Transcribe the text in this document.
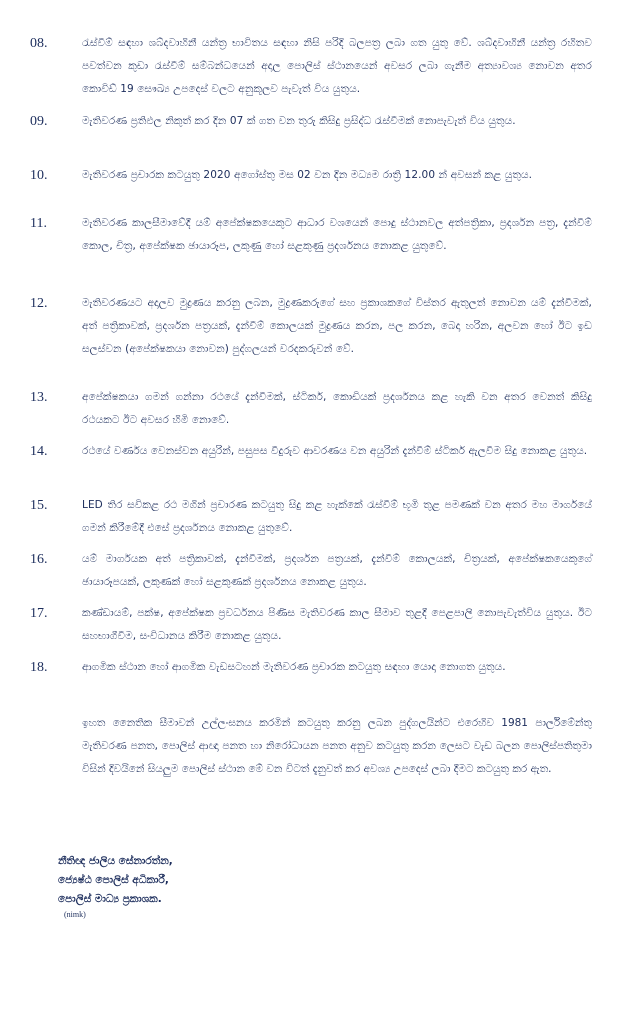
08.	රැස්වීම් සඳහා ශබ්දවාහිනී යන්ත්‍ර භාවිතය සඳහා නිසි පරිදි බලපත්‍ර ලබා ගත යුතු වේ. ශබ්දවාහිනී යන්ත්‍ර රහිතව පවත්වන කුඩා රැස්වීම් සම්බන්ධයෙන් අදාල පොලිස් ස්ථානයෙන් අවසර ලබා ගැනීම අත්‍යාවශ්‍ය නොවන අතර කොවිඩ් 19 සෞඛ්‍ය උපදෙස් වලට අනුකූලව පැවැත් විය යුතුය.
09.	මැතිවරණ ප්‍රතිඵල නිකුත් කර දින 07 ක් ගත වන තුරු කිසිදු ප්‍රසිද්ධ රැස්වීමක් නොපැවැත් විය යුතුය.
10.	මැතිවරණ ප්‍රචාරක කටයුතු 2020 අගෝස්තු මස 02 වන දින මධ්‍යම රාත්‍රි 12.00 න් අවසන් කළ යුතුය.
11.	මැතිවරණ කාලසීමාවේදී යම් අපේක්ෂකයෙකුට ආධාර වශයෙන් පොදු ස්ථානවල අත්පත්‍රිකා, ප්‍රදර්ශන පත්‍ර, දැන්වීම් කොල, චිත්‍ර, අපේක්ෂක ඡායාරූප, ලකුණු හෝ සළකුණු ප්‍රදර්ශනය නොකළ යුතුවේ.
12.	මැතිවරණයට අදාලව මුද්‍රණය කරනු ලබන, මුද්‍රණකරුගේ සහ ප්‍රකාශකගේ විස්තර ඇතුලත් නොවන යම් දැන්වීමක්, අත් පත්‍රිකාවක්, ප්‍රදර්ශන පත්‍රයක්, දැන්වීම් කොලයක් මුද්‍රණය කරන, පල කරන, බෙදා හරින, අලවන හෝ ඊට ඉඩ සලස්වන (අපේක්ෂකයා නොවන) පුද්ගලයන් වරදකරුවන් වේ.
13.	අපේක්ෂකයා ගමන් ගන්නා රථයේ දැන්වීමක්, ස්ටිකර්, කොඩියක් ප්‍රදර්ශනය කළ හැකි වන අතර වෙනත් කිසිදු රථයකට ඊට අවසර හිමි නොවේ.
14.	රථයේ වර්ණය වෙනස්වන අයුරින්, පසුපස වීදුරුව ආවරණය වන අයුරින් දැන්වීම් ස්ටිකර් ඇලවීම සිදු නොකළ යුතුය.
15.	LED තිර සවිකළ රථ මගින් ප්‍රචාරණ කටයුතු සිදු කළ හැක්කේ රැස්වීම් භූමි තුළ පමණක් වන අතර මහ මාර්ගයේ ගමන් කිරීමේදී එසේ ප්‍රදර්ශනය නොකළ යුතුවේ.
16.	යම් මාර්ගයක අත් පත්‍රිකාවක්, දැන්වීමක්, ප්‍රදර්ශන පත්‍රයක්, දැන්වීම් කොලයක්, චිත්‍රයක්, අපේක්ෂකයෙකුගේ ඡායාරූපයක්, ලකුණක් හෝ සළකුණක් ප්‍රදර්ශනය නොකළ යුතුය.
17.	කණ්ඩායම්, පක්ෂ, අපේක්ෂක ප්‍රවර්ධනය පිණිස මැතිවරණ කාල සීමාව තුළදී පෙළපාලි නොපැවැත්විය යුතුය. ඊට සහභාගීවීම, සංවිධානය කිරීම නොකළ යුතුය.
18.	ආගමික ස්ථාන හෝ ආගමික වැඩසටහන් මැතිවරණ ප්‍රචාරක කටයුතු සඳහා යොදා නොගත යුතුය.
ඉහත නෛතික සීමාවන් උල්ලංඝනය කරමින් කටයුතු කරනු ලබන පුද්ගලයින්ට එරෙහිව 1981 පාර්ලිමේන්තු මැතිවරණ පනත, පොලිස් ආඥා පනත හා නිරෝධායන පනත අනුව කටයුතු කරන ලෙසට වැඩ බලන පොලිස්පතිතුමා විසින් දිවයිනේ සියලුම පොලිස් ස්ථාන මේ වන විටත් දැනුවත් කර අවශ්‍ය උපදෙස් ලබා දීමට කටයුතු කර ඇත.
නීතිඥ ජාලිය සේනාරත්න,
ජ්‍යෙෂ්ඨ පොලිස් අධිකාරී,
පොලිස් මාධ්‍ය ප්‍රකාශක.
(nimk)
